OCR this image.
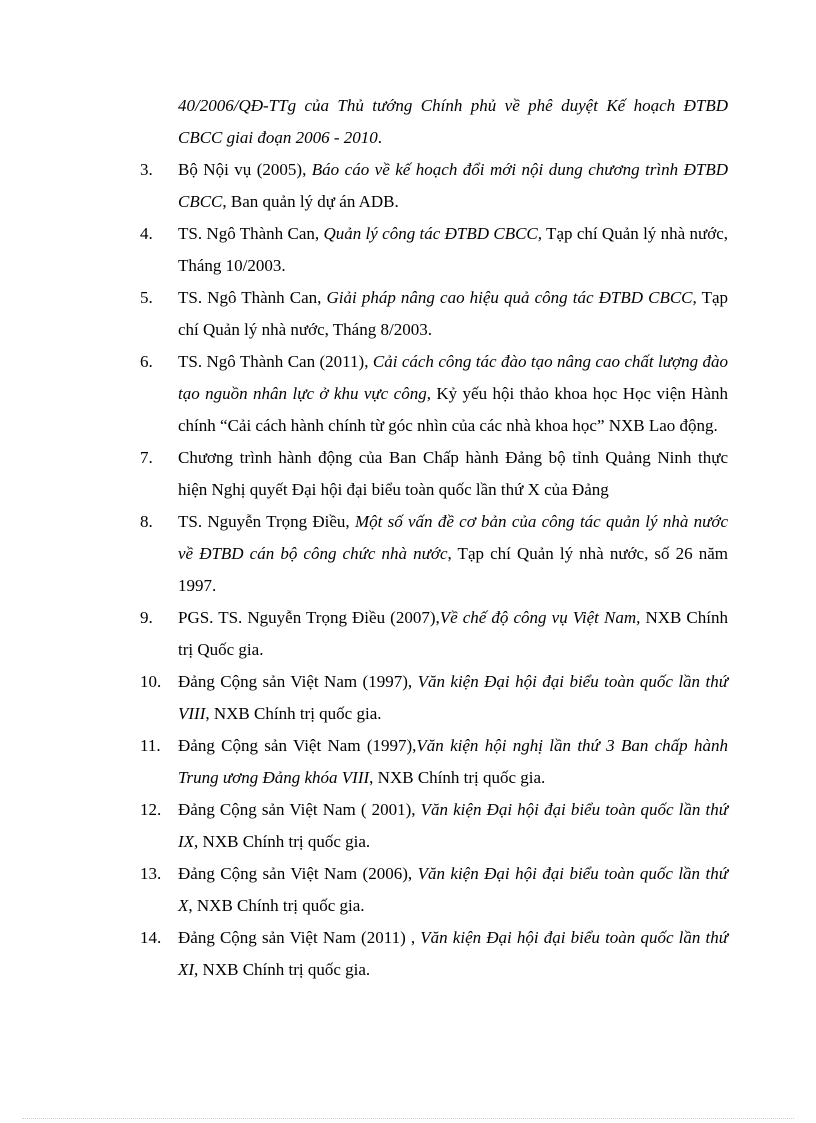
40/2006/QĐ-TTg của Thủ tướng Chính phủ về phê duyệt Kế hoạch ĐTBD CBCC giai đoạn 2006 - 2010.
3. Bộ Nội vụ (2005), Báo cáo về kế hoạch đổi mới nội dung chương trình ĐTBD CBCC, Ban quản lý dự án ADB.
4. TS. Ngô Thành Can, Quản lý công tác ĐTBD CBCC, Tạp chí Quản lý nhà nước, Tháng 10/2003.
5. TS. Ngô Thành Can, Giải pháp nâng cao hiệu quả công tác ĐTBD CBCC, Tạp chí Quản lý nhà nước, Tháng 8/2003.
6. TS. Ngô Thành Can (2011), Cải cách công tác đào tạo nâng cao chất lượng đào tạo nguồn nhân lực ở khu vực công, Kỷ yếu hội thảo khoa học Học viện Hành chính “Cải cách hành chính từ góc nhìn của các nhà khoa học” NXB Lao động.
7. Chương trình hành động của Ban Chấp hành Đảng bộ tỉnh Quảng Ninh thực hiện Nghị quyết Đại hội đại biểu toàn quốc lần thứ X của Đảng
8. TS. Nguyễn Trọng Điều, Một số vấn đề cơ bản của công tác quản lý nhà nước về ĐTBD cán bộ công chức nhà nước, Tạp chí Quản lý nhà nước, số 26 năm 1997.
9. PGS. TS. Nguyễn Trọng Điều (2007),Về chế độ công vụ Việt Nam, NXB Chính trị Quốc gia.
10. Đảng Cộng sản Việt Nam (1997), Văn kiện Đại hội đại biểu toàn quốc lần thứ VIII, NXB Chính trị quốc gia.
11. Đảng Cộng sản Việt Nam (1997),Văn kiện hội nghị lần thứ 3 Ban chấp hành Trung ương Đảng khóa VIII, NXB Chính trị quốc gia.
12. Đảng Cộng sản Việt Nam ( 2001), Văn kiện Đại hội đại biểu toàn quốc lần thứ IX, NXB Chính trị quốc gia.
13. Đảng Cộng sản Việt Nam (2006), Văn kiện Đại hội đại biểu toàn quốc lần thứ X, NXB Chính trị quốc gia.
14. Đảng Cộng sản Việt Nam (2011) , Văn kiện Đại hội đại biểu toàn quốc lần thứ XI, NXB Chính trị quốc gia.
